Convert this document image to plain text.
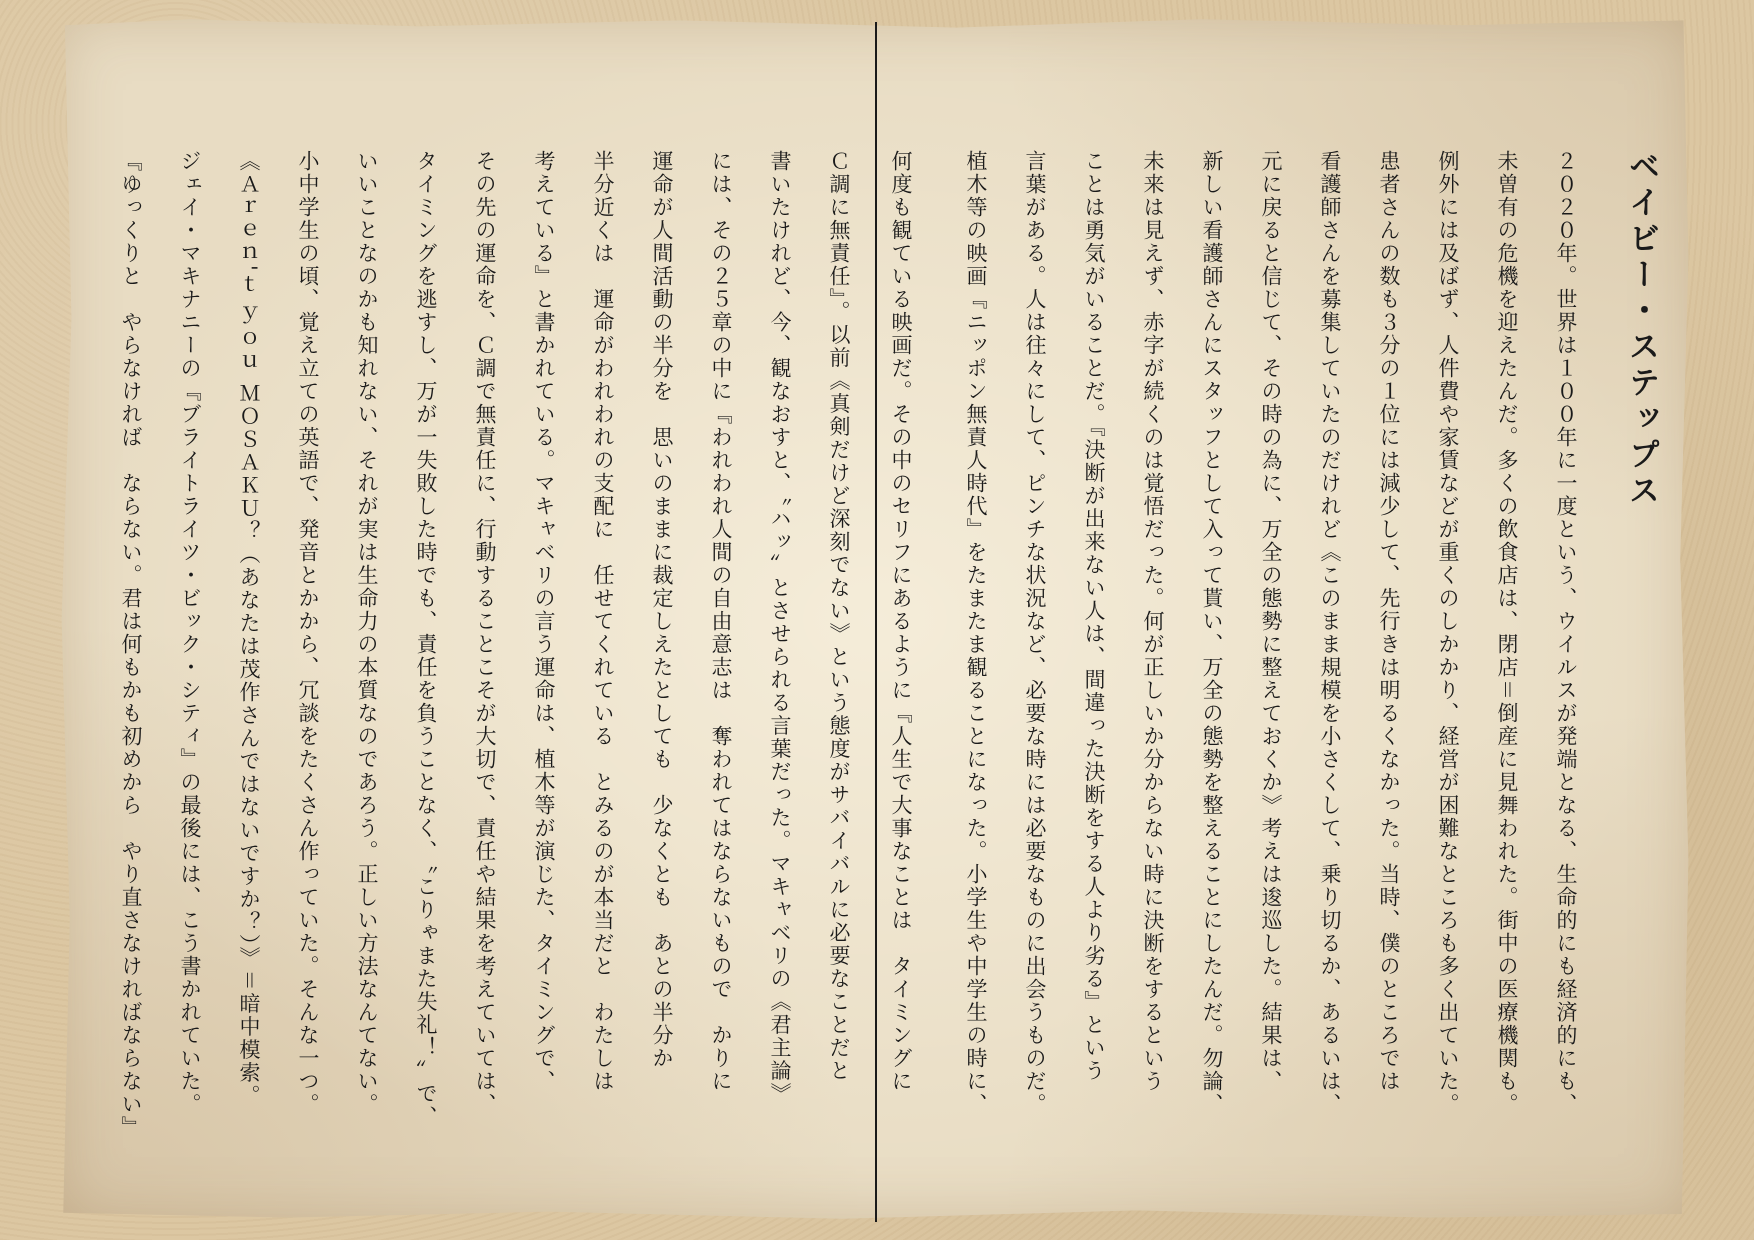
ベイビー・ステップス
２０２０年。世界は１００年に一度という、ウイルスが発端となる、生命的にも経済的にも、
未曽有の危機を迎えたんだ。多くの飲食店は、閉店＝倒産に見舞われた。街中の医療機関も。
例外には及ばず、人件費や家賃などが重くのしかかり、経営が困難なところも多く出ていた。
患者さんの数も３分の１位には減少して、先行きは明るくなかった。当時、僕のところでは
看護師さんを募集していたのだけれど《このまま規模を小さくして、乗り切るか、あるいは、
元に戻ると信じて、その時の為に、万全の態勢に整えておくか》考えは逡巡した。結果は、
新しい看護師さんにスタッフとして入って貰い、万全の態勢を整えることにしたんだ。勿論、
未来は見えず、赤字が続くのは覚悟だった。何が正しいか分からない時に決断をするという
ことは勇気がいることだ。『決断が出来ない人は、間違った決断をする人より劣る』という
言葉がある。人は往々にして、ピンチな状況など、必要な時には必要なものに出会うものだ。
植木等の映画『ニッポン無責人時代』をたまたま観ることになった。小学生や中学生の時に、
何度も観ている映画だ。その中のセリフにあるように『人生で大事なことは　タイミングに
Ｃ調に無責任』。以前《真剣だけど深刻でない》という態度がサバイバルに必要なことだと
書いたけれど、今、観なおすと、〝ハッ〟とさせられる言葉だった。マキャベリの《君主論》
には、その２５章の中に『われわれ人間の自由意志は　奪われてはならないもので　かりに
運命が人間活動の半分を　思いのままに裁定しえたとしても　少なくとも　あとの半分か
半分近くは　運命がわれわれの支配に　任せてくれている　とみるのが本当だと　わたしは
考えている』と書かれている。マキャベリの言う運命は、植木等が演じた、タイミングで、
その先の運命を、Ｃ調で無責任に、行動することこそが大切で、責任や結果を考えていては、
タイミングを逃すし、万が一失敗した時でも、責任を負うことなく、〝こりゃまた失礼！〟で、
いいことなのかも知れない、それが実は生命力の本質なのであろう。正しい方法なんてない。
小中学生の頃、覚え立ての英語で、発音とかから、冗談をたくさん作っていた。そんな一つ。
《Ａｒｅｎ'ｔ ｙｏｕ ＭＯＳＡＫＵ？（あなたは茂作さんではないですか？）》＝暗中模索。
ジェイ・マキナニーの『ブライトライツ・ビック・シティ』の最後には、こう書かれていた。
『ゆっくりと　やらなければ　ならない。君は何もかも初めから　やり直さなければならない』
